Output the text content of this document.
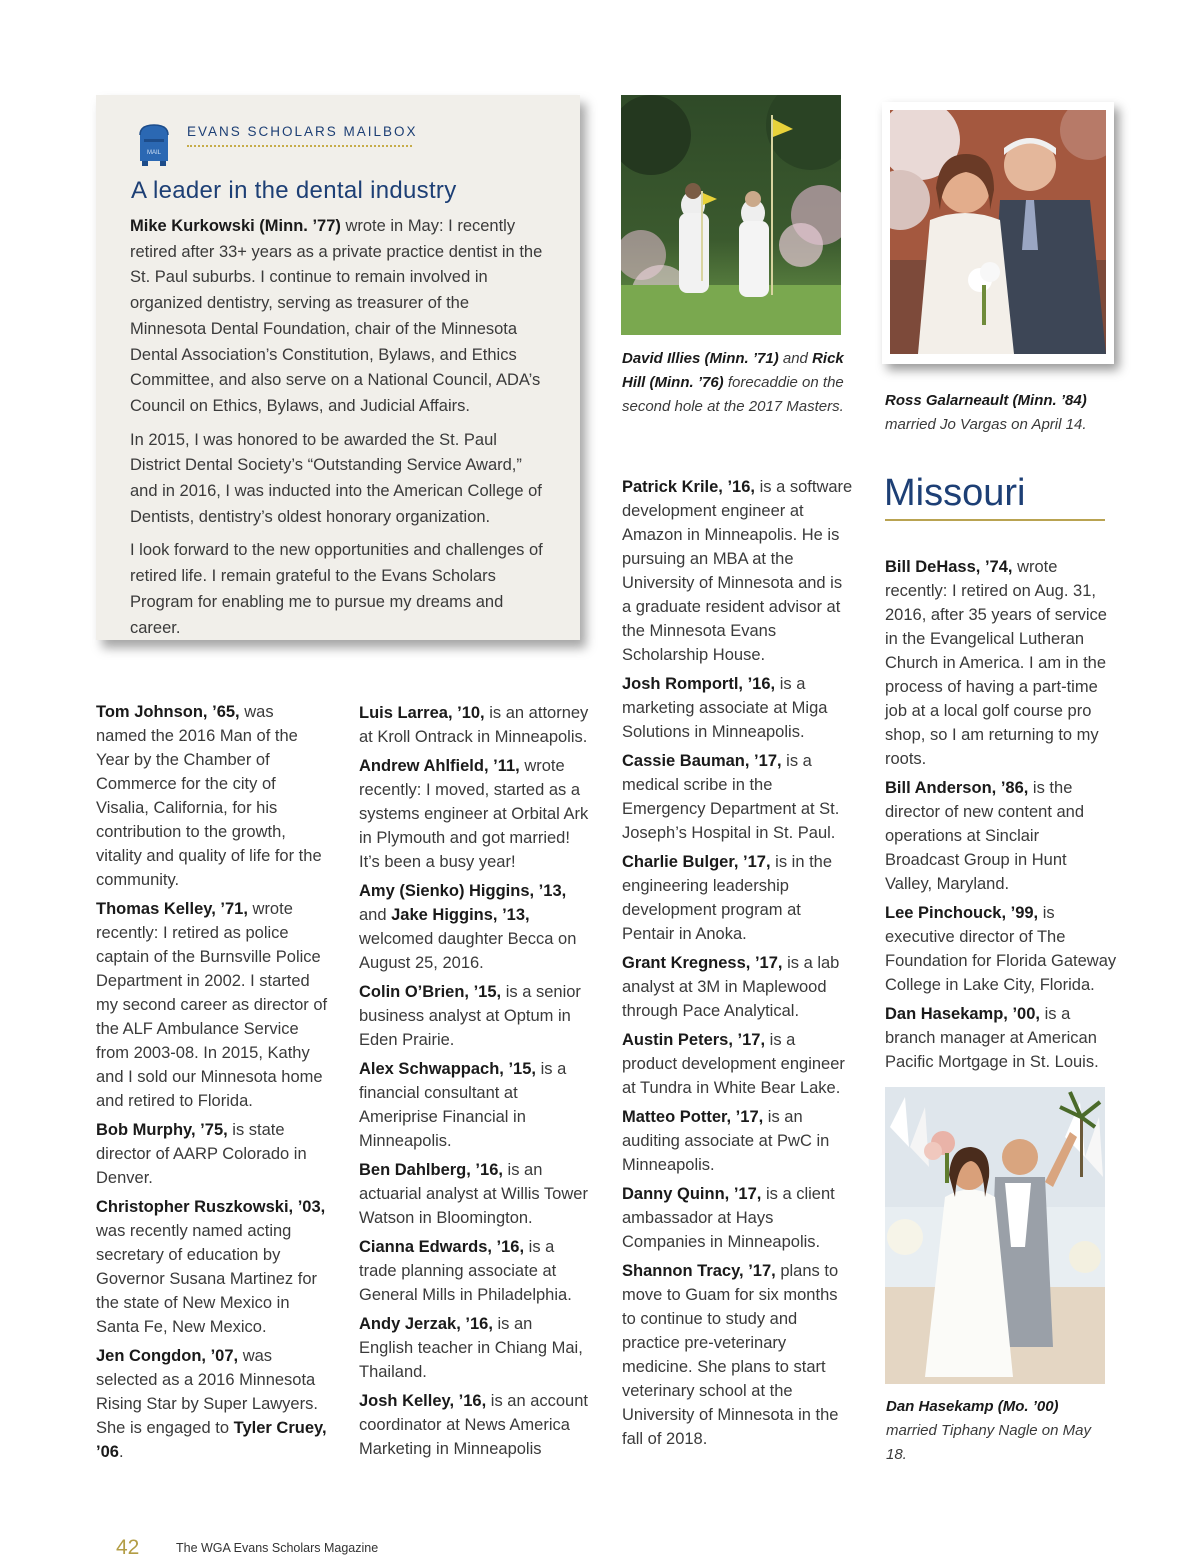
MAIL
EVANS SCHOLARS MAILBOX
A leader in the dental industry

Mike Kurkowski (Minn. ’77) wrote in May: I recently retired after 33+ years as a private practice dentist in the St. Paul suburbs. I continue to remain involved in organized dentistry, serving as treasurer of the Minnesota Dental Foundation, chair of the Minnesota Dental Association’s Constitution, Bylaws, and Ethics Committee, and also serve on a National Council, ADA’s Council on Ethics, Bylaws, and Judicial Affairs.

In 2015, I was honored to be awarded the St. Paul District Dental Society’s “Outstanding Service Award,” and in 2016, I was inducted into the American College of Dentists, dentistry’s oldest honorary organization.

I look forward to the new opportunities and challenges of retired life. I remain grateful to the Evans Scholars Program for enabling me to pursue my dreams and career.

Tom Johnson, ’65, was named the 2016 Man of the Year by the Chamber of Commerce for the city of Visalia, California, for his contribution to the growth, vitality and quality of life for the community.

Thomas Kelley, ’71, wrote recently: I retired as police captain of the Burnsville Police Department in 2002. I started my second career as director of the ALF Ambulance Service from 2003-08. In 2015, Kathy and I sold our Minnesota home and retired to Florida.

Bob Murphy, ’75, is state director of AARP Colorado in Denver.

Christopher Ruszkowski, ’03, was recently named acting secretary of education by Governor Susana Martinez for the state of New Mexico in Santa Fe, New Mexico.

Jen Congdon, ’07, was selected as a 2016 Minnesota Rising Star by Super Lawyers. She is engaged to Tyler Cruey, ’06.

Luis Larrea, ’10, is an attorney at Kroll Ontrack in Minneapolis.

Andrew Ahlfield, ’11, wrote recently: I moved, started as a systems engineer at Orbital Ark in Plymouth and got married! It’s been a busy year!

Amy (Sienko) Higgins, ’13, and Jake Higgins, ’13, welcomed daughter Becca on August 25, 2016.

Colin O’Brien, ’15, is a senior business analyst at Optum in Eden Prairie.

Alex Schwappach, ’15, is a financial consultant at Ameriprise Financial in Minneapolis.

Ben Dahlberg, ’16, is an actuarial analyst at Willis Tower Watson in Bloomington.

Cianna Edwards, ’16, is a trade planning associate at General Mills in Philadelphia.

Andy Jerzak, ’16, is an English teacher in Chiang Mai, Thailand.

Josh Kelley, ’16, is an account coordinator at News America Marketing in Minneapolis

David Illies (Minn. ’71) and Rick Hill (Minn. ’76) forecaddie on the second hole at the 2017 Masters.

Patrick Krile, ’16, is a software development engineer at Amazon in Minneapolis. He is pursuing an MBA at the University of Minnesota and is a graduate resident advisor at the Minnesota Evans Scholarship House.

Josh Romportl, ’16, is a marketing associate at Miga Solutions in Minneapolis.

Cassie Bauman, ’17, is a medical scribe in the Emergency Department at St. Joseph’s Hospital in St. Paul.

Charlie Bulger, ’17, is in the engineering leadership development program at Pentair in Anoka.

Grant Kregness, ’17, is a lab analyst at 3M in Maplewood through Pace Analytical.

Austin Peters, ’17, is a product development engineer at Tundra in White Bear Lake.

Matteo Potter, ’17, is an auditing associate at PwC in Minneapolis.

Danny Quinn, ’17, is a client ambassador at Hays Companies in Minneapolis.

Shannon Tracy, ’17, plans to move to Guam for six months to continue to study and practice pre-veterinary medicine. She plans to start veterinary school at the University of Minnesota in the fall of 2018.

Ross Galarneault (Minn. ’84) married Jo Vargas on April 14.
Missouri

Bill DeHass, ’74, wrote recently: I retired on Aug. 31, 2016, after 35 years of service in the Evangelical Lutheran Church in America. I am in the process of having a part-time job at a local golf course pro shop, so I am returning to my roots.

Bill Anderson, ’86, is the director of new content and operations at Sinclair Broadcast Group in Hunt Valley, Maryland.

Lee Pinchouck, ’99, is executive director of The Foundation for Florida Gateway College in Lake City, Florida.

Dan Hasekamp, ’00, is a branch manager at American Pacific Mortgage in St. Louis.

Dan Hasekamp (Mo. ’00) married Tiphany Nagle on May 18.
42	The WGA Evans Scholars Magazine
